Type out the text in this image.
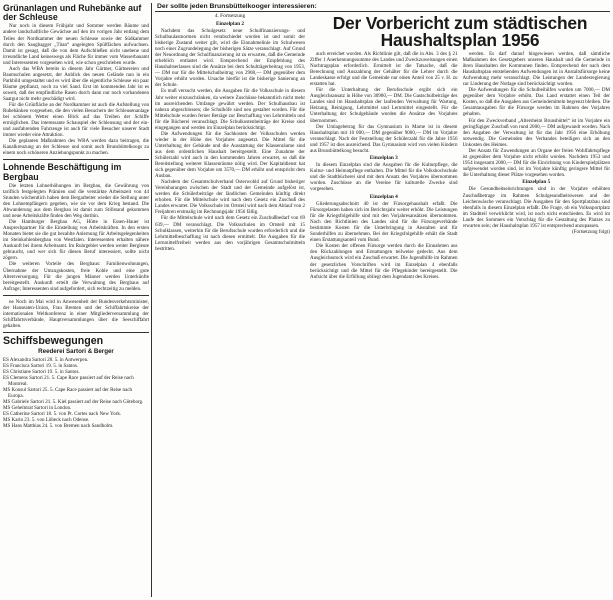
Grünanlagen und Ruhebänke auf der Schleuse

Nur noch in diesem Frühjahr und Sommer werden Bäume und andere landschaftliche Gewächse auf den im vorigen Jahr entlang dem Teiles der Nordkammer der neuen Schleuse sowie der Südkammer durch den Saugbagger „Titan“ angelegten Spülflächen aufwachsen. Damit ist gesagt, daß die von dem Aufschließen nicht unebene und irreundliche Land keineswegs als Fläche für immer vom Wasserbauamt und Interessenten vorgesehen wird, wie schon geschrieben wurde.

Auch das WBA bereits in diesem Jahr Gärtner, Gärtnereien und Baumschulen angesetzt, der Anblick des neuen Gelände nun in ein Parkbild umgestaltet und es wird über die eigentliche Schleuse ein paar Bäume gepflanzt, noch zu viel Sand. Erst im kommenden Jahr ist es soweit, daß der empfindliche Rasen durch dann nur noch vorhandenen Saatgut nicht mehr geschädigt wird.

Für die Grünfläche an der Nordkammer ist auch die Aufstellung von Ruhebänken vorgesehen, die den vielen Besuchern der Schleusenanlage bei schönem Wetter einen Blick auf das Treiben der Schiffe ermöglichen. Das interessante Schauspiel der Schleusung und der ein- und ausfahrenden Fahrzeuge ist auch für viele Besucher unserer Stadt immer wieder eine Attraktion.

Die geplanten Maßnahmen des WBA werden dazu beitragen, die Kanalkreuzung an der Schleuse und somit auch Brunsbüttelkoogs zu einem noch schöneren Anziehungspunkt zu machen.

Lohnende Beschäftigung im Bergbau

Die letzten Lohnerhöhungen im Bergbau, die Gewährung von tariflich festgelegten Prämien und die verstärkte Arbeitszeit von 44 Stunden wöchentlich haben dem Bergarbeiter wieder die Stellung unter den Lohnempfängern gegeben, wie sie vor dem Krieg bestand. Die Abwanderung aus dem Bergbau ist damit zum Stillstand gekommen und neue Arbeitskräfte finden den Weg dorthin.

Die Hamburger Bergbau AG, Hütte in Essen-Hauer ist Ansprechpartner für die Einstellung von Arbeitskräften. In den ersten Monaten bietet sie die gut bezahlte Anlernung für Arbeitsgelegenheiten im Steinkohlenbergbau von Westfalen. Interessenten erhalten nähere Auskunft bei ihrem Arbeitsamt. Im Ruhrgebiet werden weiter Bergleute gebraucht, und wer sich für diesen Beruf interessiert, sollte nicht zögern.

Die weiteren Vorteile des Bergbaus: Familienwohnungen, Übernahme der Umzugskosten, freie Kohle und eine gute Altersversorgung. Für die jungen Männer werden Unterkünfte bereitgestellt. Auskunft erteilt die Verwaltung des Bergbaus auf Anfrage; Interessenten sind aufgefordert, sich rechtzeitig zu melden.

ne Noch im Mai wird in Anwesenheit der Bundesverkehrsminister, der Hanseaten-Union, Frau Bremen und der Schiffahrtskreise der internationalen Weltkonferenz in einer Mitgliederversammlung der Schiffahrtsverbände, Hauptversammlungen über die Seeschiffahrt gehalten.

Schiffsbewegungen
Reederei Sartori & Berger
ES Alexandra Sartori 28. 5. in Antwerpen.
ES Francisca Sartori 19. 5. in Santos.
ES Christiane Sartori 19. 5. in Santos.
ES Clemens Sartori 21. 5. Cape Race passiert auf der Reise nach Montreal.
MS Konsul Sartori 25. 5. Cape Race passiert auf der Reise nach Europa.
MS Gabriele Sartori 21. 5. Kiel passiert auf der Reise nach Göteborg.
MS Gehelmrat Sartori in London.
ES Catherine Sartori 18. 5. von Pt. Cortes nach New York.
MS Karin 23. 5. von Lübeck nach Odense.
MS Hans Matthias 24. 5. von Bremen nach Sandholm.
Der sollte jeden Brunsbüttelkooger interessieren:
4. Fortsetzung
Einzelplan 2

Nachdem das Schulgesetz neue Schulfinanzierungs- und Schulbaulastnormen nicht verabschiedet worden ist und somit der bisherige Zustand weiter gilt, wird die Einnahmelinie im Schulwesen noch einer Zugrundelegung der bisherigen Sätze veranschlagt. Auf Grund der Neuordnung der Schulfinanzierung ist zu erwarten, daß die Gemeinde erheblich entlastet wird. Entsprechend der Empfehlung des Haushaltserlasses sind die Ansätze bei dem Schulträgerbeitrag von 1953,— DM nur für die Mittelschulbeitrag von 2908,— DM gegenüber dem Vorjahre erhöht worden. Ursache hierfür ist die bisherige Sanierung an der Schule.

Es muß versucht werden, die Ausgaben für die Volksschule in diesem Jahr weiter einzuschränken, da weitere Zuschüsse bekanntlich nicht mehr im ausreichenden Umfange gewährt werden. Der Schulhausbau ist nahezu abgeschlossen; die Schulhöfe sind neu gestaltet worden. Für die Mittelschule wurden ferner Beträge zur Beschaffung von Lehrmitteln und für die Bücherei veranschlagt. Die Schulkostenbeiträge der Kreise sind eingegangen und werden im Einzelplan berücksichtigt.

Die Aufwendungen für die Sachkosten der Volksschulen werden wieder in der Höhe des Vorjahres angesetzt. Die Mittel für die Unterhaltung der Gebäude und die Ausstattung der Klassenräume sind aus dem ordentlichen Haushalt bereitgestellt. Eine Zunahme der Schülerzahl wird auch in den kommenden Jahren erwartet, so daß die Bereitstellung weiterer Klassenräume nötig wird. Der Kapitaldienst hat sich gegenüber dem Vorjahre um 3570,— DM erhöht und entspricht dem Ausbau.

Nachdem der Gesamtschulverband Osterwohld auf Grund bisheriger Vereinbarungen zwischen der Stadt und der Gemeinde aufgelöst ist, werden die Schülerbeiträge der ländlichen Gemeinden künftig direkt erhoben. Für die Mittelschule wird nach dem Gesetz ein Zuschuß des Landes erwartet. Die Volksschule im Ortsteil wird nach dem Ablauf von 2 Freijahren erstmalig im Rechnungsjahr 1956 fällig.

Für die Mittelschule wird nach dem Gesetz ein Zuschußbedarf von 69 639,— DM veranschlagt. Die Volksschulen im Ortsteil mit 15 Schulklassen, weiterhin für die Berufsschule wurden erforderlich und die Lehrmittelbeschaffung ist nach diesen ermittelt. Die Ausgaben für die Lernmittelfreiheit werden aus den vorjährigen Gesamtschulmitteln bestritten.

Der Vorbericht zum städtischen Haushaltsplan 1956

auch erreichet worden. Als Richtlinie gilt, daß die in Abs. 3 des § 21 Ziffer 1 Anerkennungssumme des Landes und Zweckzuweisungen einen Nachtragsplan erforderlich. Ermittelt ist die Tatsache, daß die Berechnung und Auszahlung der Gehälter für die Lehrer durch die Landeskasse erfolgt und die Gemeinde nur einen Anteil von 25 v. H. zu erstatten hat.

Für die Unterhaltung der Berufsschule ergibt sich ein Ausgleichsansatz in Höhe von 30900,— DM. Die Gastschulbeiträge des Landes sind im Haushaltsplan der laufenden Verwaltung für Wartung, Heizung, Reinigung, Lehrmittel und Lernmittel eingestellt. Für die Unterhaltung der Schulgebäude wurden die Ansätze des Vorjahres übernommen.

Der Umlagebetrag für das Gymnasium in Marne ist in diesem Haushaltsplan mit 10 000,— DM gegenüber 9000,— DM im Vorjahre veranschlagt. Nach der Feststellung der Schülerzahl für die Jahre 1956 und 1957 ist dies ausreichend. Das Gymnasium wird von vielen Kindern aus Brunsbüttelkoog besucht.

Einzelplan 3

In diesem Einzelplan sind die Ausgaben für die Kulturpflege, die Kultur- und Heimatpflege enthalten. Die Mittel für die Volkshochschule und die Stadtbücherei sind mit dem Ansatz des Vorjahres übernommen worden. Zuschüsse an die Vereine für kulturelle Zwecke sind vorgesehen.

Einzelplan 4

Gliederungsabschnitt 40 ist der Fürsorgehaushalt erfaßt. Die Fürsorgelasten haben sich im Berichtsjahr weiter erhöht. Die Leistungen für die Kriegsfolgehilfe sind mit den Vorjahresansätzen übernommen. Nach den Richtlinien des Landes sind für die Fürsorgeverbände bestimmte Kosten für die Unterbringung in Anstalten und für Sonderhilfen zu übernehmen. Bei der Kriegsfolgehilfe erhält die Stadt einen Erstattungsanteil vom Bund.

Die Kosten der offenen Fürsorge werden durch die Einnahmen aus den Rückzahlungen und Erstattungen teilweise gedeckt. Aus dem Ausgleichsstock wird ein Zuschuß erwartet. Die Jugendhilfe im Rahmen der gesetzlichen Vorschriften wird im Einzelplan 4 ebenfalls berücksichtigt und die Mittel für die Pflegekinder bereitgestellt. Die Aufsicht über die Erfüllung obliegt dem Jugendamt des Kreises.

werden. Es darf darauf hingewiesen werden, daß sämtliche Maßnahmen des Gesetzgebers unseren Haushalt und die Gemeinde in ihren Haushalten der Kommunen finden. Entsprechend der nach dem Haushaltsplan entstehenden Aufwendungen ist in Anstaltsfürsorge keine Aufwendung mehr veranschlagt. Die Leistungen der Landesregierung zur Linderung der Notlage sind berücksichtigt worden.

Die Aufwendungen für die Schulbeihilfen wurden um 7000,— DM gegenüber dem Vorjahre erhöht. Das Land erstattet einen Teil der Kosten, so daß die Ausgaben aus Gemeindemitteln begrenzt bleiben. Die Gesamtausgaben für die Fürsorge werden im Rahmen des Vorjahres gehalten.

Für den Zweckverband „Altersheim Brunsbüttel“ ist im Vorjahre ein geringfügiger Zuschuß von rund 2000,— DM aufgewandt worden. Nach den Angaben der Verwaltung ist für das Jahr 1956 eine Erhöhung notwendig. Die Gemeinden des Verbandes beteiligen sich an den Unkosten des Heimes.

Der Ansatz für Zuwendungen an Organe der freien Wohlfahrtspflege ist gegenüber dem Vorjahre nicht erhöht worden. Nachdem 1953 und 1954 insgesamt 2000,— DM für die Einrichtung von Kinderspielplätzen aufgewendet worden sind, ist im Vorjahre künftig geringere Mittel für die Unterhaltung dieser Plätze vorgesehen worden.

Einzelplan 5

Die Gesundheitseinrichtungen sind in der Vorjahre erhöhten Zuschußbetrage im Rahmen Schulgesundheitswesen und der Leichenwäsche veranschlagt. Die Ausgaben für den Sportplatzbau sind ebenfalls in diesem Einzelplan erfaßt. Die Frage, ob ein Volkssportplatz im Stadtteil verwirklicht wird, ist noch nicht entschieden. Es wird im Laufe des Sommers ein Vorschlag für die Gestaltung des Platzes zu erwarten sein; der Haushaltsplan 1957 ist entsprechend anzupassen.

(Fortsetzung folgt)
